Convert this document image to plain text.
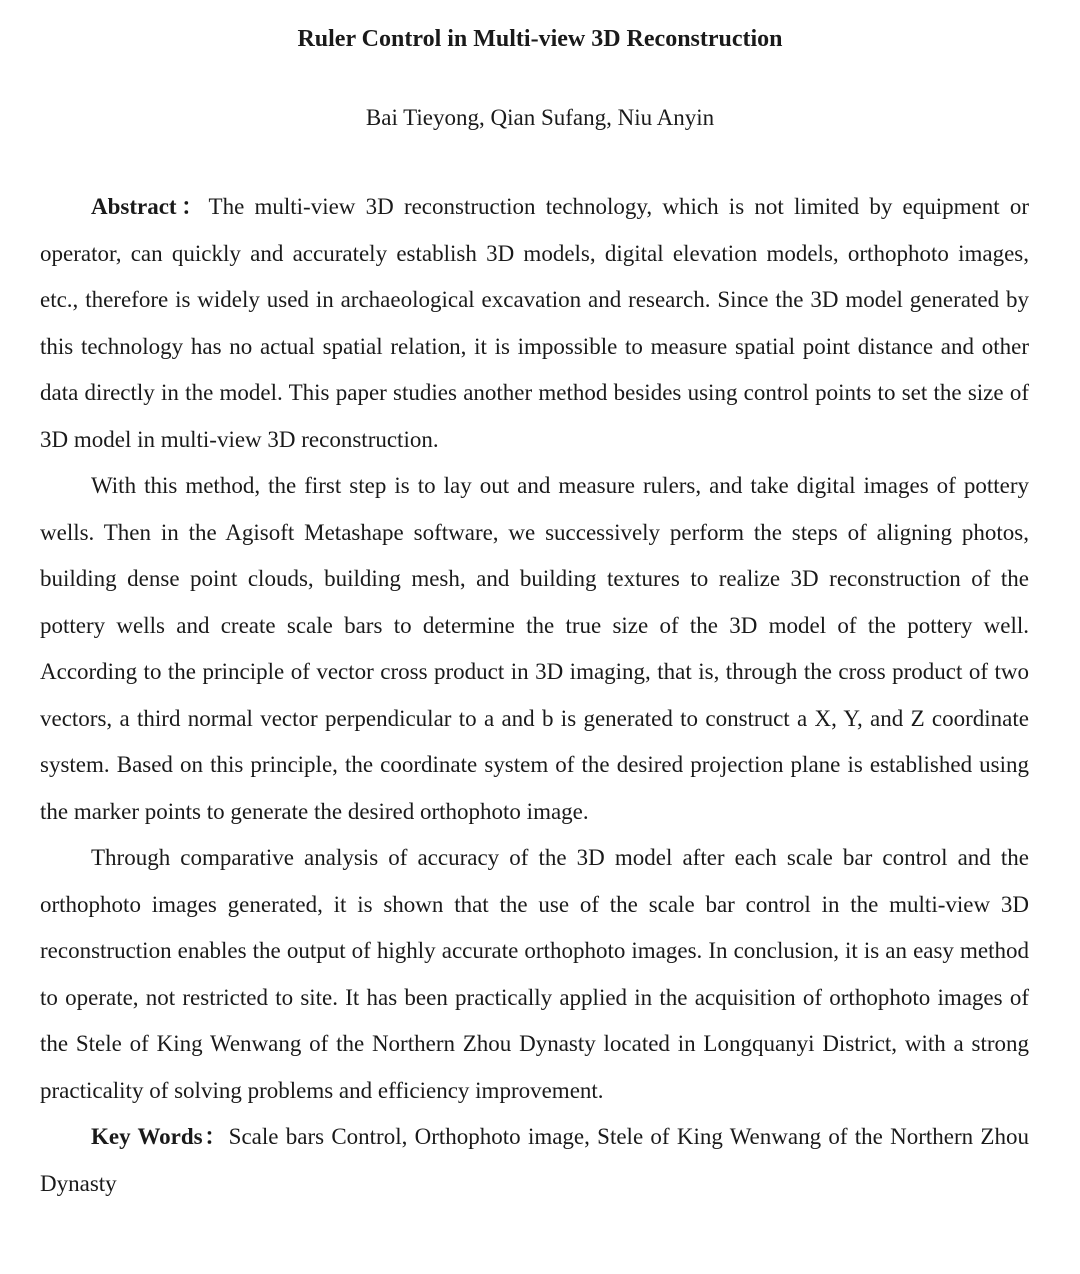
Ruler Control in Multi-view 3D Reconstruction

Bai Tieyong, Qian Sufang, Niu Anyin

Abstract：The multi-view 3D reconstruction technology, which is not limited by equipment or operator, can quickly and accurately establish 3D models, digital elevation models, orthophoto images, etc., therefore is widely used in archaeological excavation and research. Since the 3D model generated by this technology has no actual spatial relation, it is impossible to measure spatial point distance and other data directly in the model. This paper studies another method besides using control points to set the size of 3D model in multi-view 3D reconstruction.

With this method, the first step is to lay out and measure rulers, and take digital images of pottery wells. Then in the Agisoft Metashape software, we successively perform the steps of aligning photos, building dense point clouds, building mesh, and building textures to realize 3D reconstruction of the pottery wells and create scale bars to determine the true size of the 3D model of the pottery well. According to the principle of vector cross product in 3D imaging, that is, through the cross product of two vectors, a third normal vector perpendicular to a and b is generated to construct a X, Y, and Z coordinate system. Based on this principle, the coordinate system of the desired projection plane is established using the marker points to generate the desired orthophoto image.

Through comparative analysis of accuracy of the 3D model after each scale bar control and the orthophoto images generated, it is shown that the use of the scale bar control in the multi-view 3D reconstruction enables the output of highly accurate orthophoto images. In conclusion, it is an easy method to operate, not restricted to site. It has been practically applied in the acquisition of orthophoto images of the Stele of King Wenwang of the Northern Zhou Dynasty located in Longquanyi District, with a strong practicality of solving problems and efficiency improvement.

Key Words：Scale bars Control, Orthophoto image, Stele of King Wenwang of the Northern Zhou Dynasty
